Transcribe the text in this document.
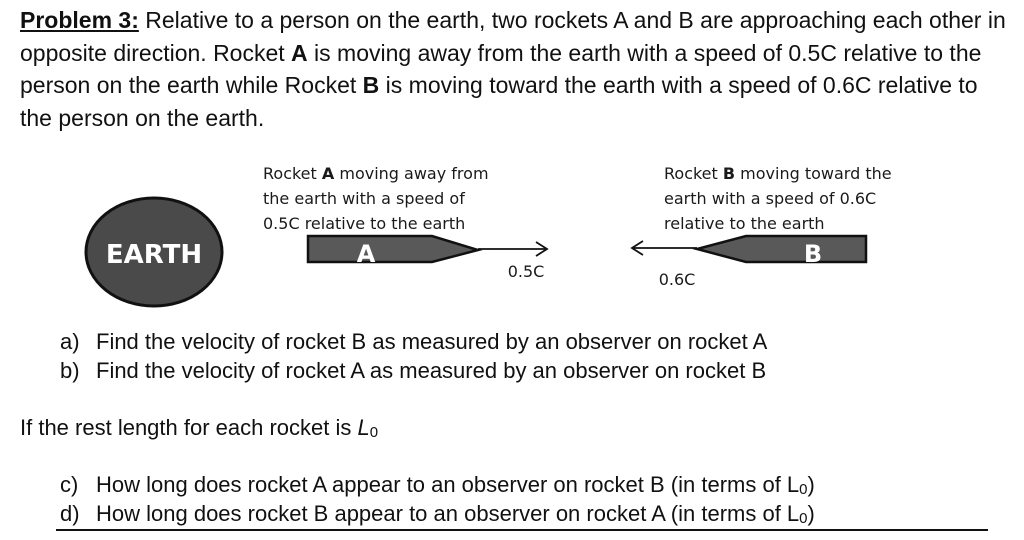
Problem 3: Relative to a person on the earth, two rockets A and B are approaching each other in opposite direction. Rocket A is moving away from the earth with a speed of 0.5C relative to the person on the earth while Rocket B is moving toward the earth with a speed of 0.6C relative to the person on the earth.
Rocket A moving away from
the earth with a speed of
0.5C relative to the earth
Rocket B moving toward the
earth with a speed of 0.6C
relative to the earth
EARTH	A
0.5C
B
0.6C
a) Find the velocity of rocket B as measured by an observer on rocket A
b) Find the velocity of rocket A as measured by an observer on rocket B
If the rest length for each rocket is L0
c) How long does rocket A appear to an observer on rocket B (in terms of L0)
d) How long does rocket B appear to an observer on rocket A (in terms of L0)
